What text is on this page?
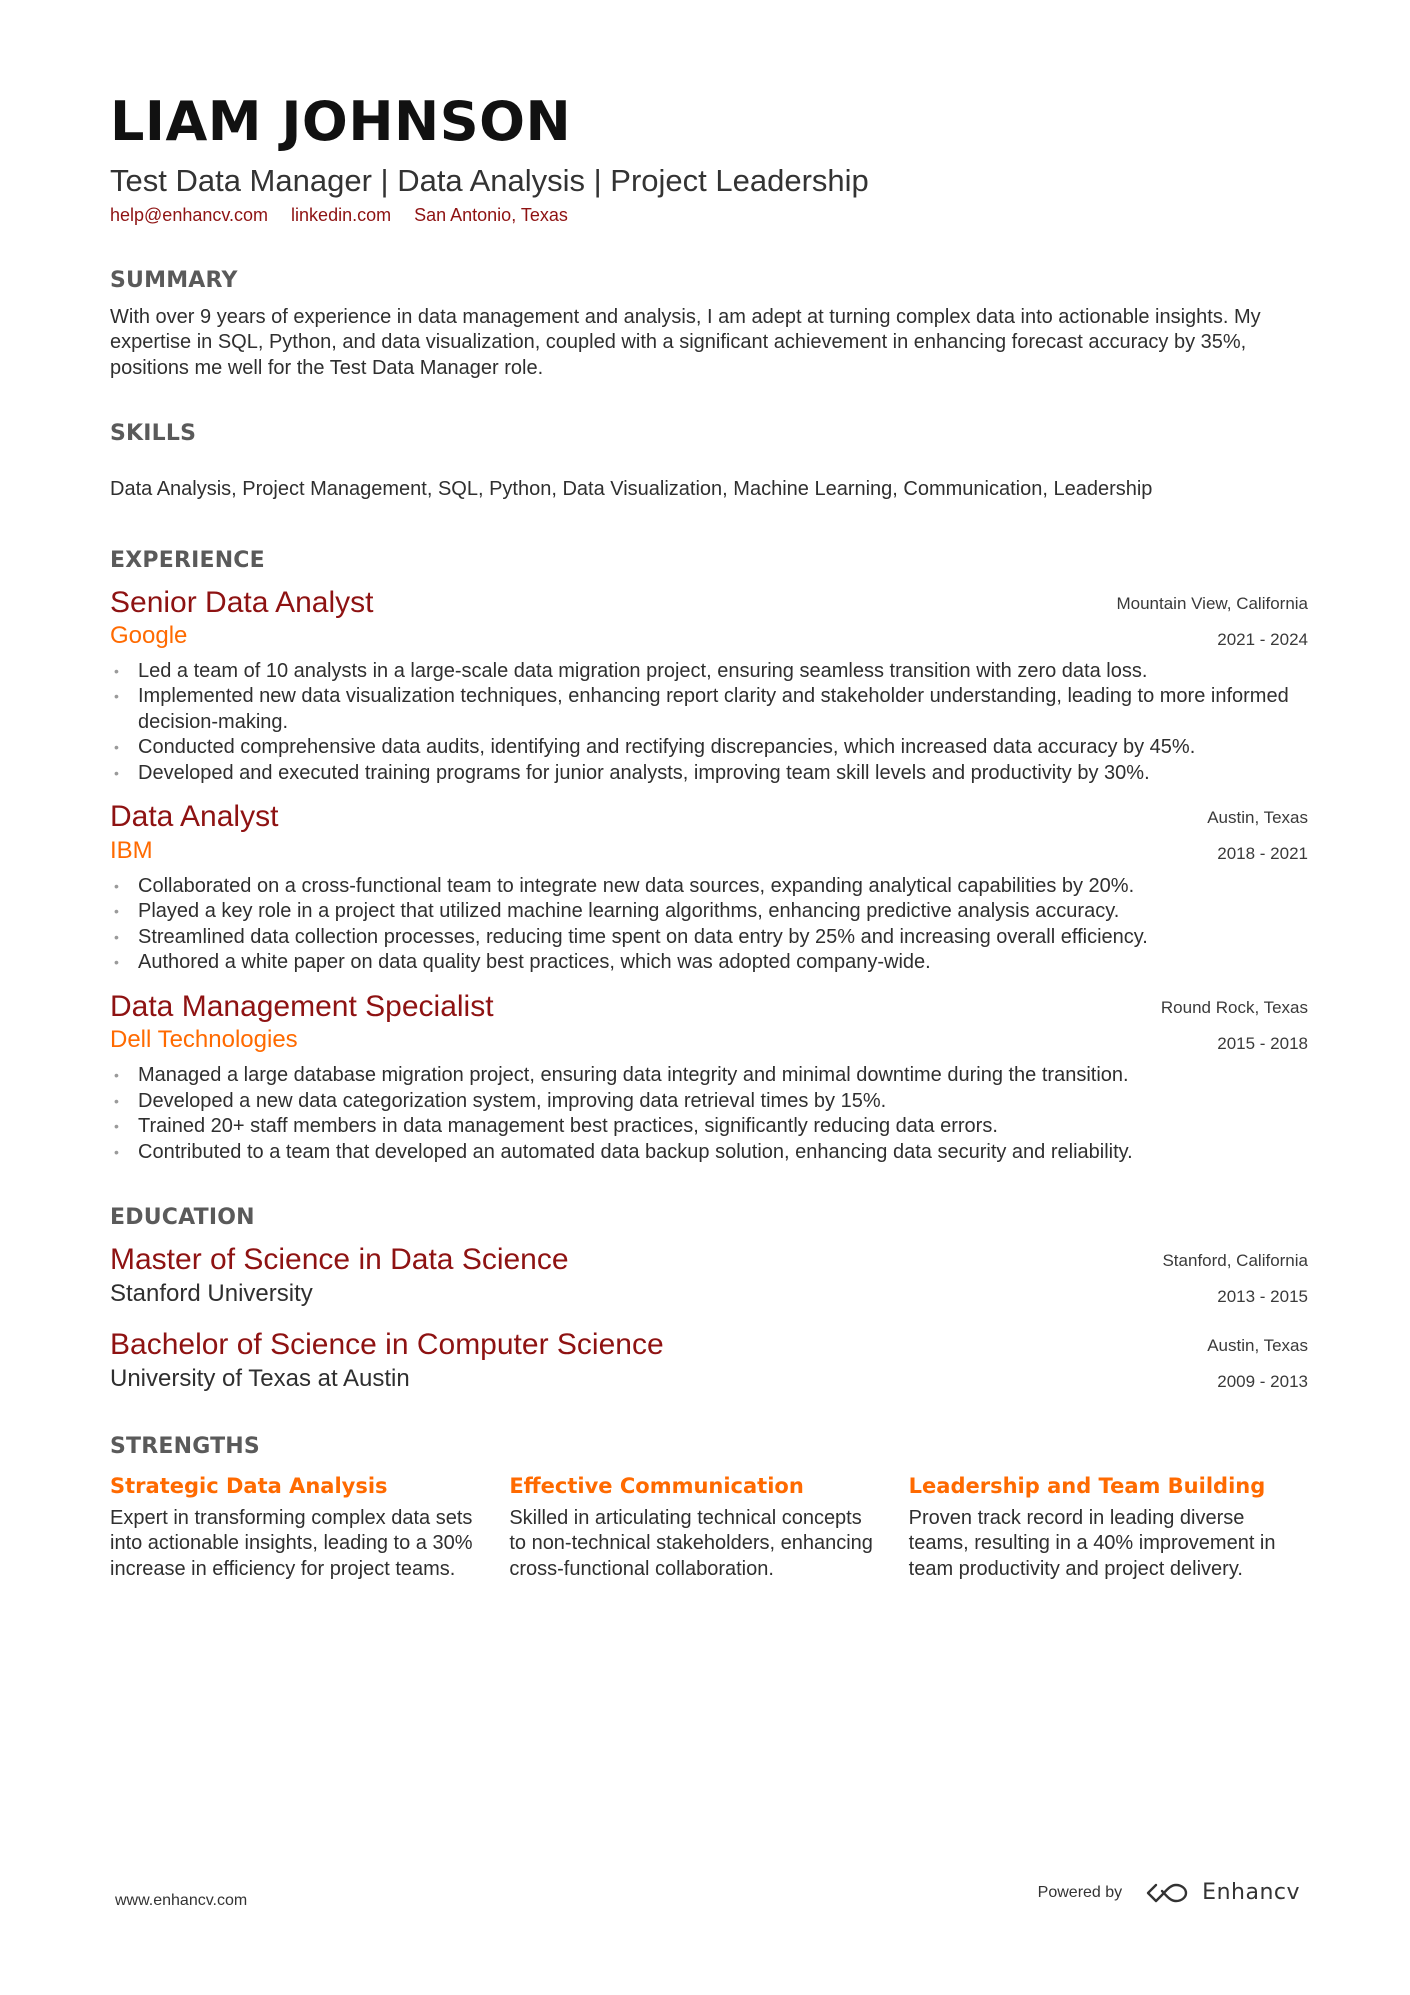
LIAM JOHNSON
Test Data Manager | Data Analysis | Project Leadership
help@enhancv.com linkedin.com San Antonio, Texas
SUMMARY
With over 9 years of experience in data management and analysis, I am adept at turning complex data into actionable insights. My expertise in SQL, Python, and data visualization, coupled with a significant achievement in enhancing forecast accuracy by 35%, positions me well for the Test Data Manager role.
SKILLS
Data Analysis, Project Management, SQL, Python, Data Visualization, Machine Learning, Communication, Leadership
EXPERIENCE
Senior Data Analyst
Google
Mountain View, California
2021 - 2024
• Led a team of 10 analysts in a large-scale data migration project, ensuring seamless transition with zero data loss.
• Implemented new data visualization techniques, enhancing report clarity and stakeholder understanding, leading to more informed decision-making.
• Conducted comprehensive data audits, identifying and rectifying discrepancies, which increased data accuracy by 45%.
• Developed and executed training programs for junior analysts, improving team skill levels and productivity by 30%.
Data Analyst
IBM
Austin, Texas
2018 - 2021
• Collaborated on a cross-functional team to integrate new data sources, expanding analytical capabilities by 20%.
• Played a key role in a project that utilized machine learning algorithms, enhancing predictive analysis accuracy.
• Streamlined data collection processes, reducing time spent on data entry by 25% and increasing overall efficiency.
• Authored a white paper on data quality best practices, which was adopted company-wide.
Data Management Specialist
Dell Technologies
Round Rock, Texas
2015 - 2018
• Managed a large database migration project, ensuring data integrity and minimal downtime during the transition.
• Developed a new data categorization system, improving data retrieval times by 15%.
• Trained 20+ staff members in data management best practices, significantly reducing data errors.
• Contributed to a team that developed an automated data backup solution, enhancing data security and reliability.
EDUCATION
Master of Science in Data Science
Stanford University
Stanford, California
2013 - 2015
Bachelor of Science in Computer Science
University of Texas at Austin
Austin, Texas
2009 - 2013
STRENGTHS
Strategic Data Analysis
Expert in transforming complex data sets into actionable insights, leading to a 30% increase in efficiency for project teams.
Effective Communication
Skilled in articulating technical concepts to non-technical stakeholders, enhancing cross-functional collaboration.
Leadership and Team Building
Proven track record in leading diverse teams, resulting in a 40% improvement in team productivity and project delivery.
www.enhancv.com	Powered by	Enhancv
